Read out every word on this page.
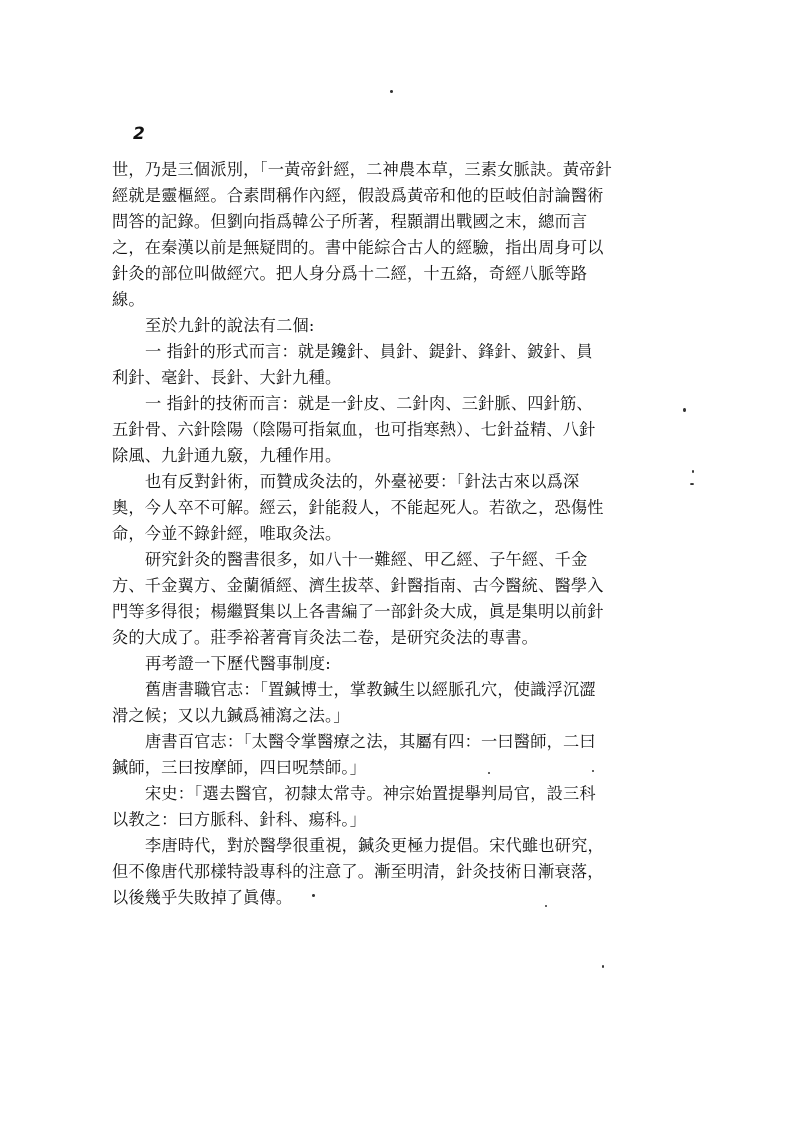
2
世，乃是三個派別，「一黃帝針經，二神農本草，三素女脈訣。黃帝針
經就是靈樞經。合素問稱作內經，假設爲黃帝和他的臣岐伯討論醫術
問答的記錄。但劉向指爲韓公子所著，程顥謂出戰國之末，總而言
之，在秦漢以前是無疑問的。書中能綜合古人的經驗，指出周身可以
針灸的部位叫做經穴。把人身分爲十二經，十五絡，奇經八脈等路
線。
至於九針的說法有二個:
一 指針的形式而言：就是鑱針、員針、鍉針、鋒針、鈹針、員
利針、毫針、長針、大針九種。
一 指針的技術而言：就是一針皮、二針肉、三針脈、四針筋、
五針骨、六針陰陽（陰陽可指氣血，也可指寒熱）、七針益精、八針
除風、九針通九竅，九種作用。
也有反對針術，而贊成灸法的，外臺祕要：「針法古來以爲深
奧，今人卒不可解。經云，針能殺人，不能起死人。若欲之，恐傷性
命，今並不錄針經，唯取灸法。
研究針灸的醫書很多，如八十一難經、甲乙經、子午經、千金
方、千金翼方、金蘭循經、濟生拔萃、針醫指南、古今醫統、醫學入
門等多得很；楊繼賢集以上各書編了一部針灸大成，眞是集明以前針
灸的大成了。莊季裕著膏肓灸法二卷，是研究灸法的專書。
再考證一下歷代醫事制度:
舊唐書職官志：「置鍼博士，掌教鍼生以經脈孔穴，使識浮沉澀
滑之候；又以九鍼爲補瀉之法。」
唐書百官志：「太醫令掌醫療之法，其屬有四：一曰醫師，二曰
鍼師，三曰按摩師，四曰呪禁師。」
宋史：「選去醫官，初隸太常寺。神宗始置提擧判局官，設三科
以教之：曰方脈科、針科、瘍科。」
李唐時代，對於醫學很重視，鍼灸更極力提倡。宋代雖也研究，
但不像唐代那樣特設專科的注意了。漸至明清，針灸技術日漸衰落，
以後幾乎失敗掉了眞傳。
